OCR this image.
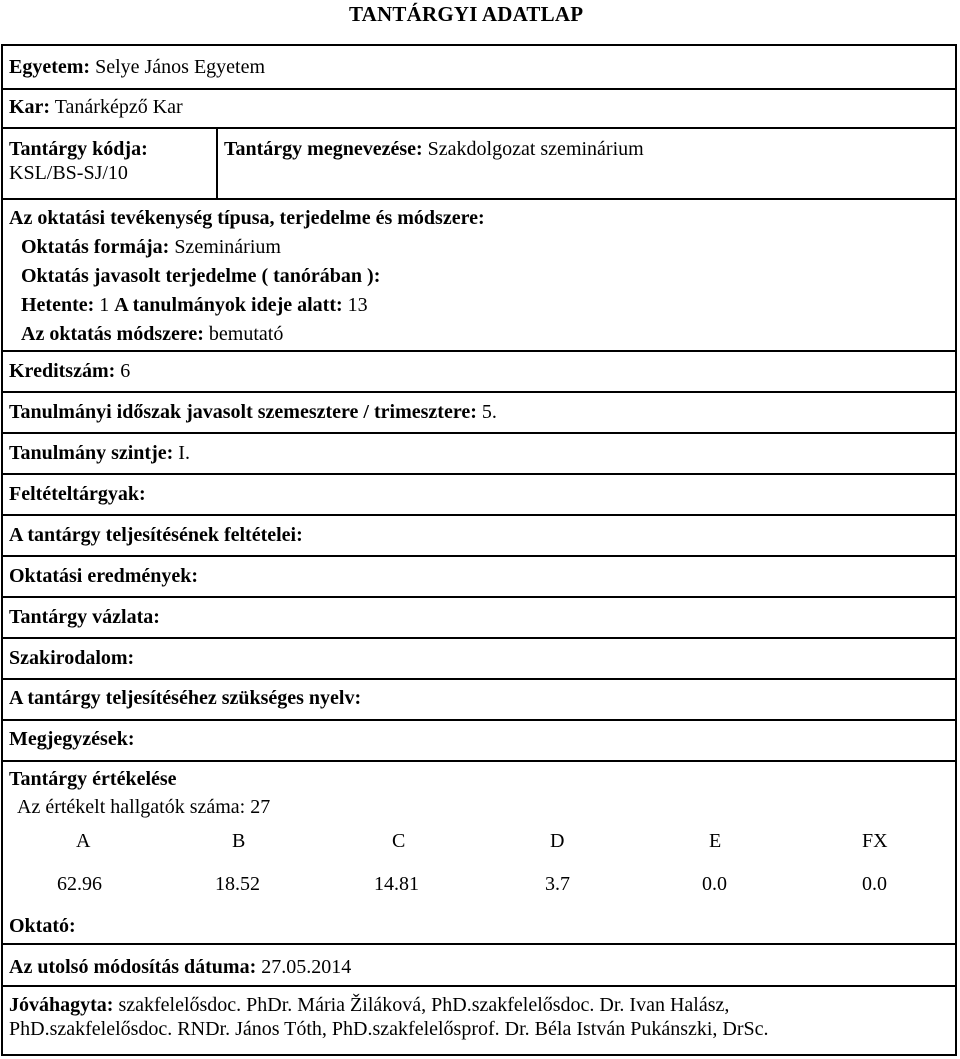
TANTÁRGYI ADATLAP
Egyetem: Selye János Egyetem
Kar: Tanárképző Kar
Tantárgy kódja:
KSL/BS-SJ/10
Tantárgy megnevezése: Szakdolgozat szeminárium
Az oktatási tevékenység típusa, terjedelme és módszere:
Oktatás formája: Szeminárium
Oktatás javasolt terjedelme ( tanórában ):
Hetente: 1 A tanulmányok ideje alatt: 13
Az oktatás módszere: bemutató
Kreditszám: 6
Tanulmányi időszak javasolt szemesztere / trimesztere: 5.
Tanulmány szintje: I.
Feltételtárgyak:
A tantárgy teljesítésének feltételei:
Oktatási eredmények:
Tantárgy vázlata:
Szakirodalom:
A tantárgy teljesítéséhez szükséges nyelv:
Megjegyzések:
Tantárgy értékelése
Az értékelt hallgatók száma: 27
A	B	C	D	E	FX
62.96	18.52	14.81	3.7	0.0	0.0
Oktató:
Az utolsó módosítás dátuma: 27.05.2014
Jóváhagyta: szakfelelősdoc. PhDr. Mária Žiláková, PhD.szakfelelősdoc. Dr. Ivan Halász,
PhD.szakfelelősdoc. RNDr. János Tóth, PhD.szakfelelősprof. Dr. Béla István Pukánszki, DrSc.
